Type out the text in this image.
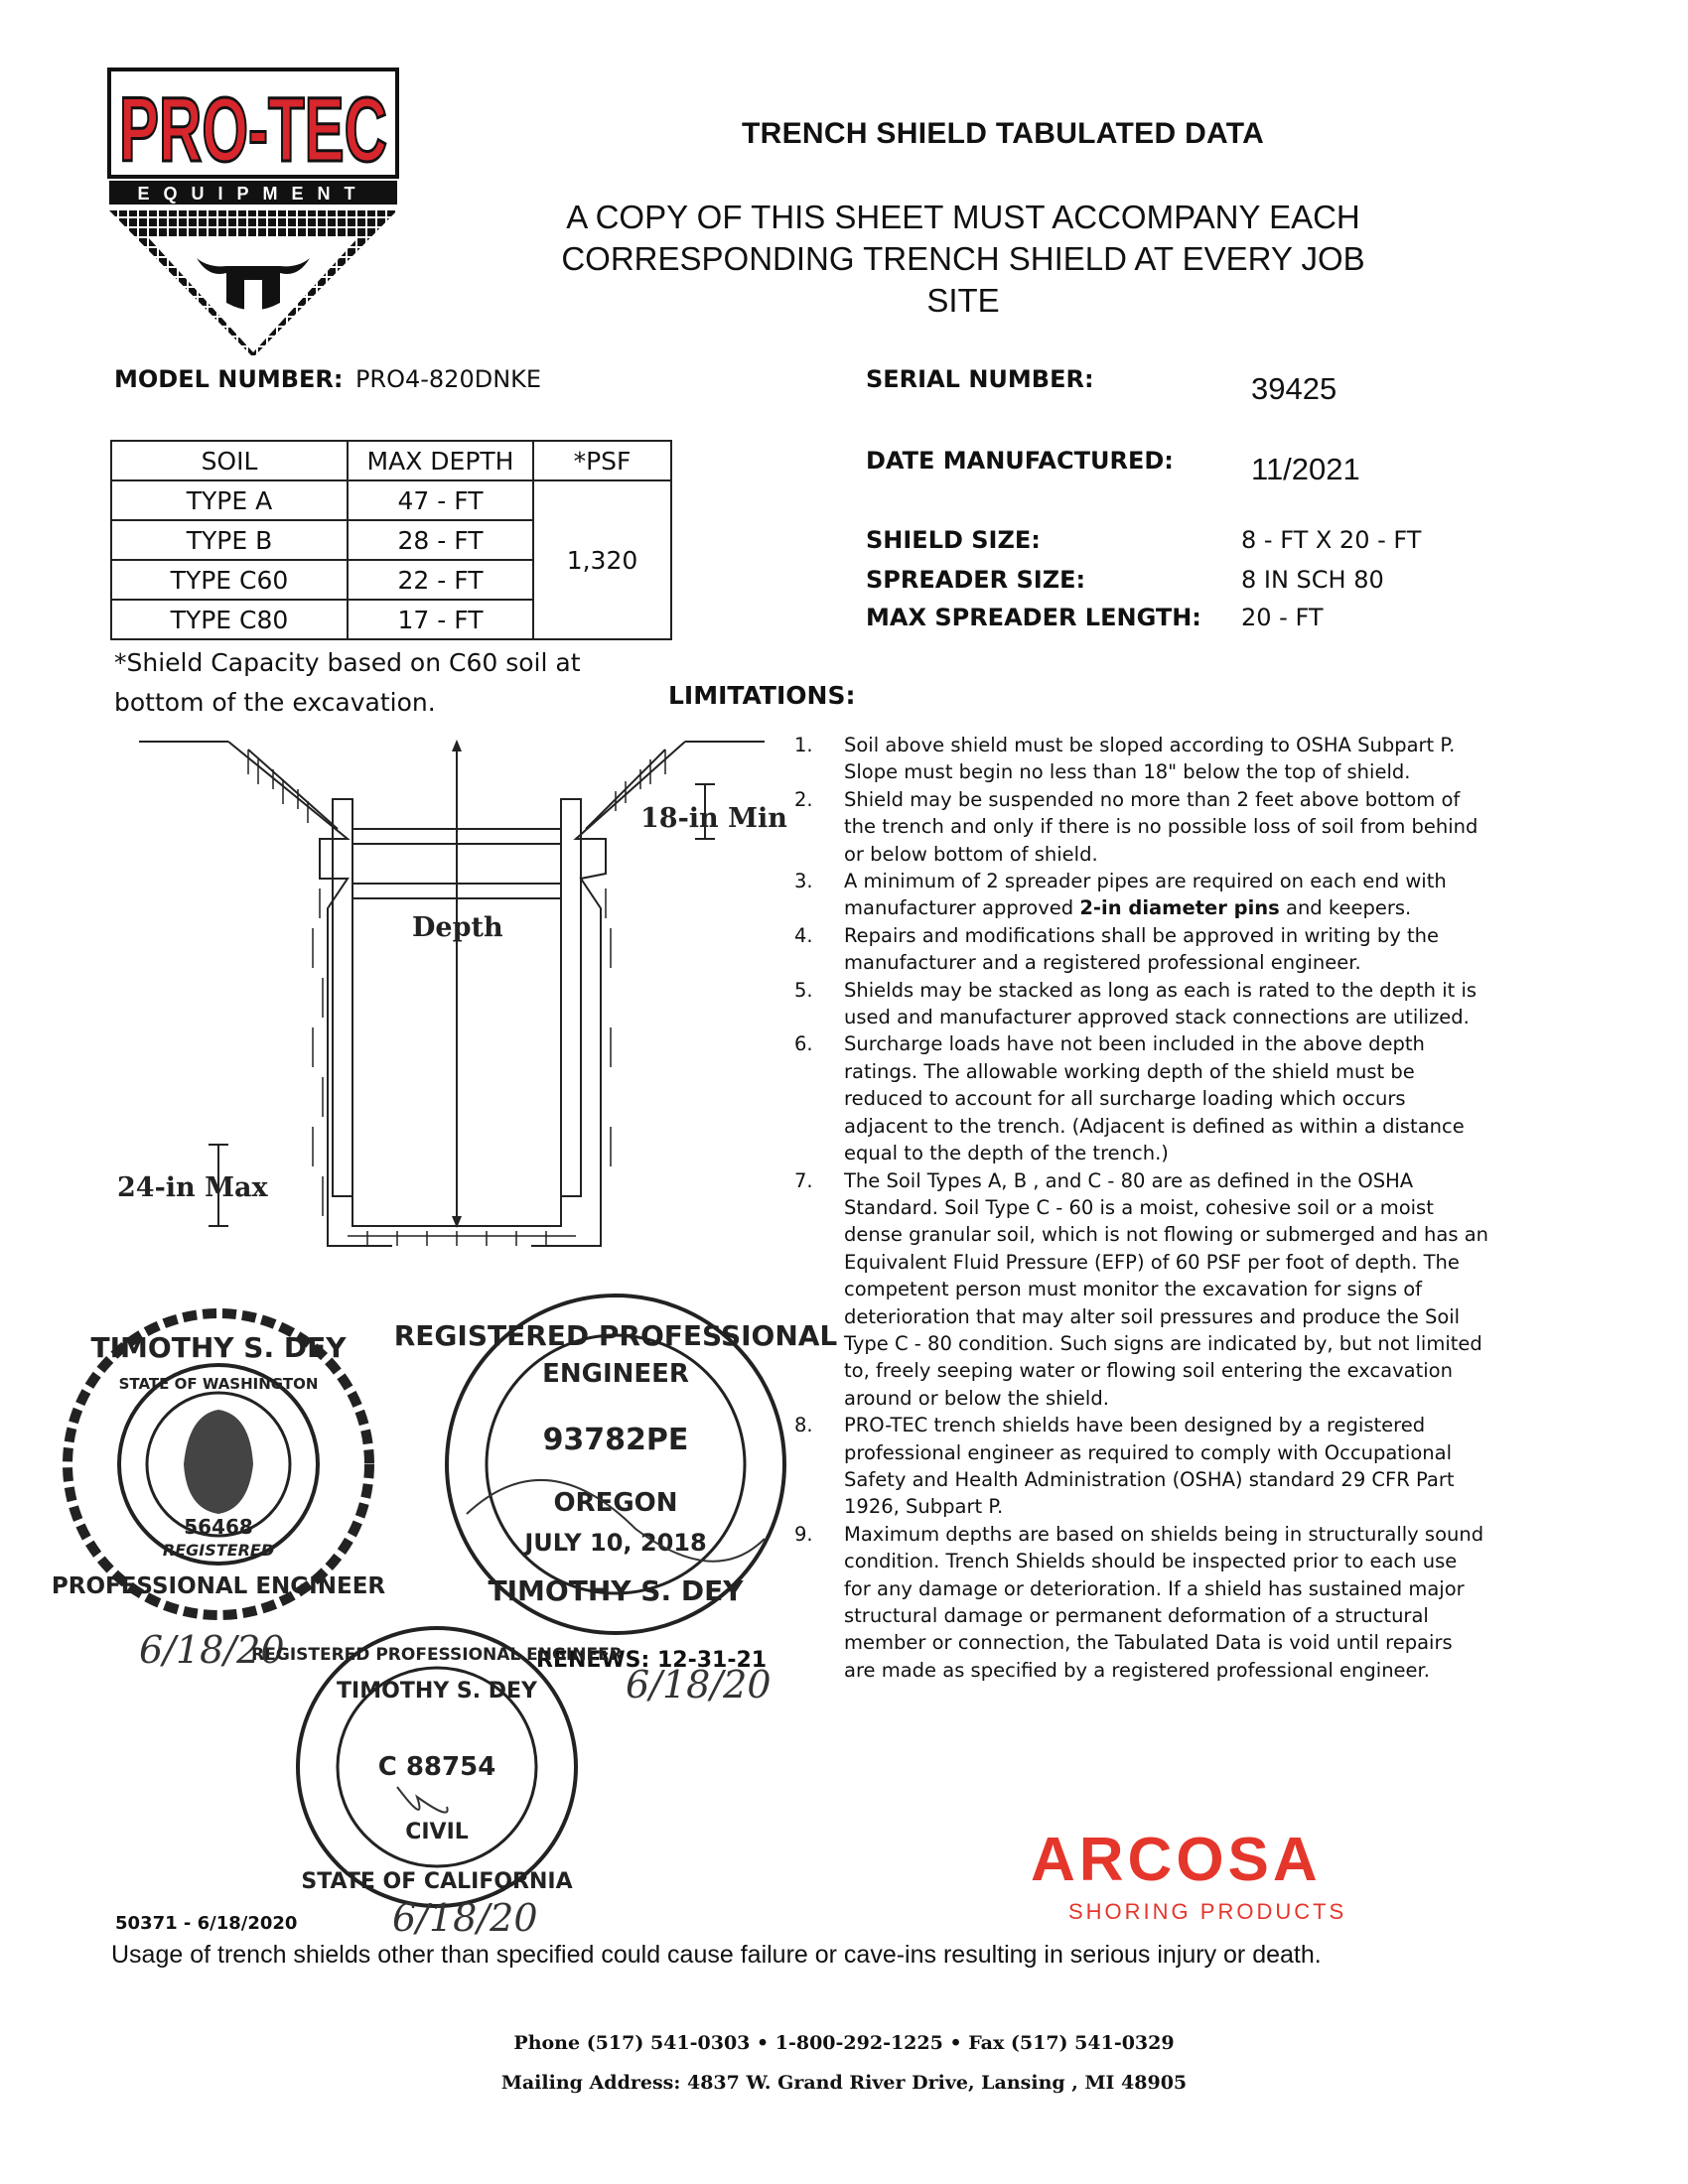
PRO-TEC
EQUIPMENT
TRENCH SHIELD TABULATED DATA
A COPY OF THIS SHEET MUST ACCOMPANY EACH
CORRESPONDING TRENCH SHIELD AT EVERY JOB SITE
MODEL NUMBER: PRO4-820DNKE	SERIAL NUMBER:	39425
DATE MANUFACTURED:	11/2021
SHIELD SIZE:	8 - FT X 20 - FT
SPREADER SIZE:	8 IN SCH 80
MAX SPREADER LENGTH: 20 - FT
SOIL	MAX DEPTH	*PSF
TYPE A	47 - FT	1,320
TYPE B	28 - FT	
TYPE C60	22 - FT	
TYPE C80	17 - FT	
*Shield Capacity based on C60 soil at
bottom of the excavation.
18-in Min
Depth
24-in Max
LIMITATIONS:
1. Soil above shield must be sloped according to OSHA Subpart P. Slope must begin no less than 18" below the top of shield.
2. Shield may be suspended no more than 2 feet above bottom of the trench and only if there is no possible loss of soil from behind or below bottom of shield.
3. A minimum of 2 spreader pipes are required on each end with manufacturer approved 2-in diameter pins and keepers.
4. Repairs and modifications shall be approved in writing by the manufacturer and a registered professional engineer.
5. Shields may be stacked as long as each is rated to the depth it is used and manufacturer approved stack connections are utilized.
6. Surcharge loads have not been included in the above depth ratings. The allowable working depth of the shield must be reduced to account for all surcharge loading which occurs adjacent to the trench. (Adjacent is defined as within a distance equal to the depth of the trench.)
7. The Soil Types A, B , and C - 80 are as defined in the OSHA Standard. Soil Type C - 60 is a moist, cohesive soil or a moist dense granular soil, which is not flowing or submerged and has an Equivalent Fluid Pressure (EFP) of 60 PSF per foot of depth. The competent person must monitor the excavation for signs of deterioration that may alter soil pressures and produce the Soil Type C - 80 condition. Such signs are indicated by, but not limited to, freely seeping water or flowing soil entering the excavation around or below the shield.
8. PRO-TEC trench shields have been designed by a registered professional engineer as required to comply with Occupational Safety and Health Administration (OSHA) standard 29 CFR Part 1926, Subpart P.
9. Maximum depths are based on shields being in structurally sound condition. Trench Shields should be inspected prior to each use for any damage or deterioration. If a shield has sustained major structural damage or permanent deformation of a structural member or connection, the Tabulated Data is void until repairs are made as specified by a registered professional engineer.
TIMOTHY S. DEY
STATE OF WASHINGTON
56468
REGISTERED
PROFESSIONAL ENGINEER
6/18/20
REGISTERED PROFESSIONAL
ENGINEER
93782PE
OREGON
JULY 10, 2018
TIMOTHY S. DEY
RENEWS: 12-31-21
6/18/20
REGISTERED PROFESSIONAL ENGINEER
TIMOTHY S. DEY
C 88754
CIVIL
STATE OF CALIFORNIA
6/18/20
ARCOSA
SHORING PRODUCTS
50371 - 6/18/2020
Usage of trench shields other than specified could cause failure or cave-ins resulting in serious injury or death.
Phone (517) 541-0303 • 1-800-292-1225 • Fax (517) 541-0329
Mailing Address: 4837 W. Grand River Drive, Lansing , MI 48905
